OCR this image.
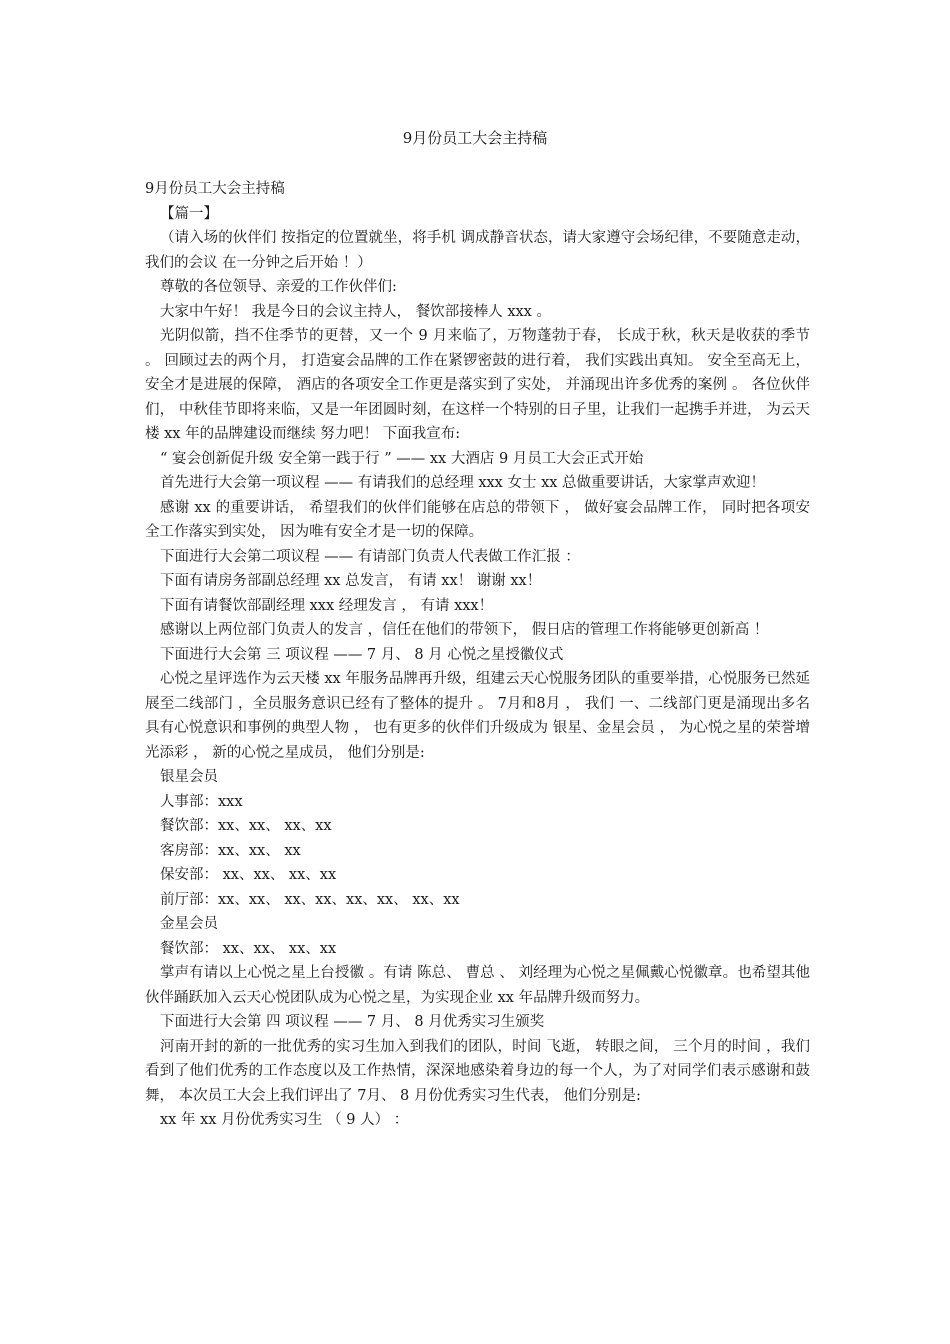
9月份员工大会主持稿

9月份员工大会主持稿

【篇一】

（请入场的伙伴们 按指定的位置就坐，将手机 调成静音状态，请大家遵守会场纪律，不要随意走动， 我们的会议 在一分钟之后开始 ！）

尊敬的各位领导、亲爱的工作伙伴们:

大家中午好！ 我是今日的会议主持人， 餐饮部接棒人 xxx 。

光阴似箭，挡不住季节的更替，又一个 9 月来临了，万物蓬勃于春， 长成于秋，秋天是收获的季节 。 回顾过去的两个月， 打造宴会品牌的工作在紧锣密鼓的进行着， 我们实践出真知。 安全至高无上，安全才是进展的保障， 酒店的各项安全工作更是落实到了实处， 并涌现出许多优秀的案例 。 各位伙伴们， 中秋佳节即将来临，又是一年团圆时刻，在这样一个特别的日子里，让我们一起携手并进， 为云天楼 xx 年的品牌建设而继续 努力吧！ 下面我宣布:

“ 宴会创新促升级 安全第一践于行 ” —— xx 大酒店 9 月员工大会正式开始

首先进行大会第一项议程 —— 有请我们的总经理 xxx 女士 xx 总做重要讲话，大家掌声欢迎！

感谢 xx 的重要讲话， 希望我们的伙伴们能够在店总的带领下 ， 做好宴会品牌工作， 同时把各项安全工作落实到实处， 因为唯有安全才是一切的保障。

下面进行大会第二项议程 —— 有请部门负责人代表做工作汇报 ：

下面有请房务部副总经理 xx 总发言， 有请 xx！ 谢谢 xx！

下面有请餐饮部副经理 xxx 经理发言 ， 有请 xxx！

感谢以上两位部门负责人的发言 ，信任在他们的带领下， 假日店的管理工作将能够更创新高 ！

下面进行大会第 三 项议程 —— 7 月、 8 月 心悦之星授徽仪式

心悦之星评选作为云天楼 xx 年服务品牌再升级，组建云天心悦服务团队的重要举措，心悦服务已然延展至二线部门 ，全员服务意识已经有了整体的提升 。 7月和8月 ， 我们 一、二线部门更是涌现出多名具有心悦意识和事例的典型人物 ， 也有更多的伙伴们升级成为 银星、金星会员 ， 为心悦之星的荣誉增光添彩 ， 新的心悦之星成员， 他们分别是:

银星会员

人事部：xxx

餐饮部：xx、xx、 xx、xx

客房部：xx、xx、 xx

保安部： xx、xx、 xx、xx

前厅部：xx、xx、 xx、xx、xx、xx、 xx、xx

金星会员

餐饮部： xx、xx、 xx、xx

掌声有请以上心悦之星上台授徽 。有请 陈总、 曹总 、 刘经理为心悦之星佩戴心悦徽章。也希望其他伙伴踊跃加入云天心悦团队成为心悦之星，为实现企业 xx 年品牌升级而努力。

下面进行大会第 四 项议程 —— 7 月、 8 月优秀实习生颁奖

河南开封的新的一批优秀的实习生加入到我们的团队，时间 飞逝， 转眼之间， 三个月的时间 ，我们看到了他们优秀的工作态度以及工作热情，深深地感染着身边的每一个人，为了对同学们表示感谢和鼓舞， 本次员工大会上我们评出了 7月、 8 月份优秀实习生代表， 他们分别是:

xx 年 xx 月份优秀实习生 （ 9 人） ：
